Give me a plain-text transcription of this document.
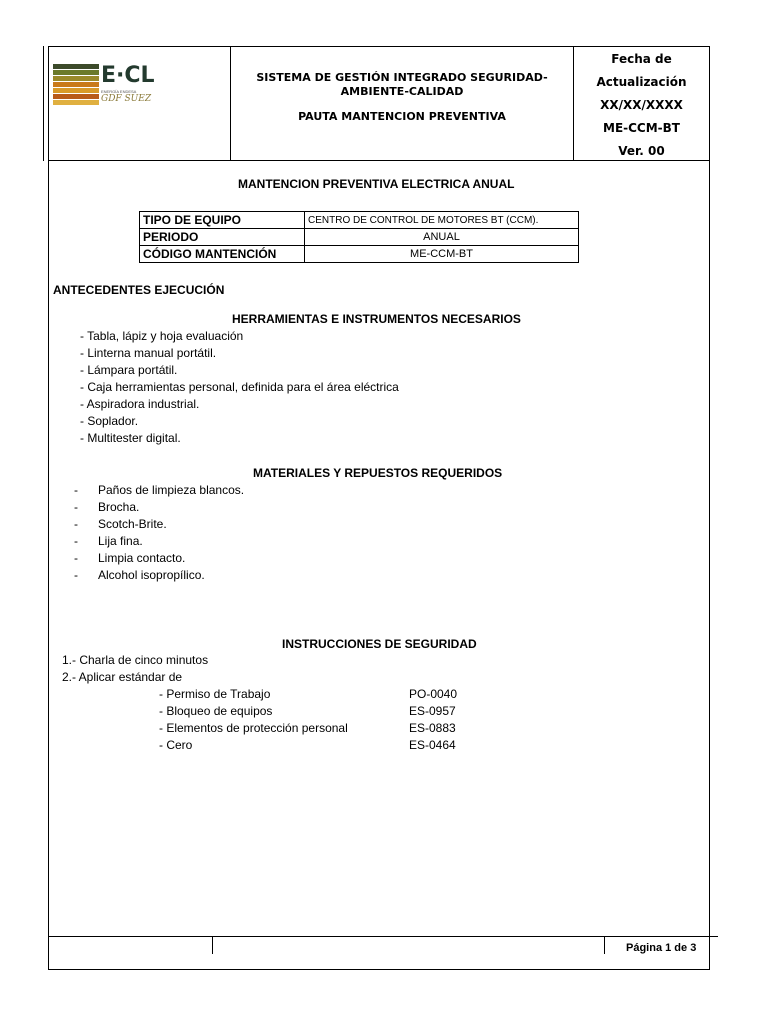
E·CL
ENERGÍA ENDESA
GDF SUEZ
SISTEMA DE GESTIÓN INTEGRADO SEGURIDAD-AMBIENTE-CALIDAD
PAUTA MANTENCION PREVENTIVA
Fecha de
Actualización
XX/XX/XXXX
ME-CCM-BT
Ver. 00
MANTENCION PREVENTIVA ELECTRICA ANUAL
TIPO DE EQUIPO	CENTRO DE CONTROL DE MOTORES BT (CCM).
PERIODO	ANUAL
CÓDIGO MANTENCIÓN	ME-CCM-BT
ANTECEDENTES EJECUCIÓN
HERRAMIENTAS E INSTRUMENTOS NECESARIOS
- Tabla, lápiz y hoja evaluación
- Linterna manual portátil.
- Lámpara portátil.
- Caja herramientas personal, definida para el área eléctrica
- Aspiradora industrial.
- Soplador.
- Multitester digital.
MATERIALES Y REPUESTOS REQUERIDOS
- Paños de limpieza blancos.
- Brocha.
- Scotch-Brite.
- Lija fina.
- Limpia contacto.
- Alcohol isopropílico.
INSTRUCCIONES DE SEGURIDAD
1.- Charla de cinco minutos
2.- Aplicar estándar de
- Permiso de Trabajo	PO-0040
- Bloqueo de equipos	ES-0957
- Elementos de protección personal	ES-0883
- Cero	ES-0464
Página 1 de 3
